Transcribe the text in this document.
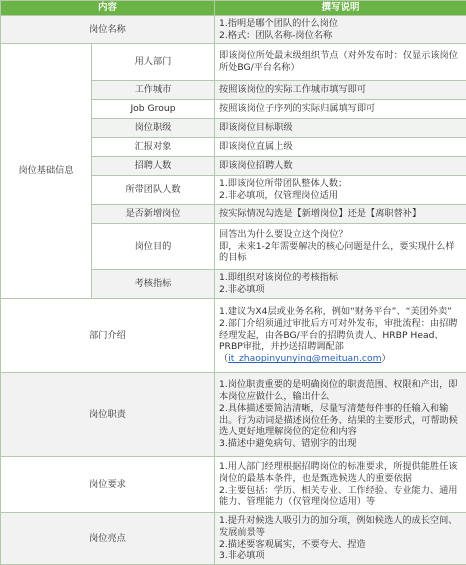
内容		撰写说明
岗位名称		1.指明是哪个团队的什么岗位
2.格式：团队名称-岗位名称

岗位基础信息	用人部门	即该岗位所处最末级组织节点（对外发布时：仅显示该岗位所处BG/平台名称）

	工作城市	按照该岗位的实际工作城市填写即可

	Job Group	按照该岗位子序列的实际归属填写即可

	岗位职级	即该岗位目标职级

	汇报对象	即该岗位直属上级

	招聘人数	即该岗位招聘人数

	所带团队人数	1.即该岗位所带团队整体人数；
2.非必填项，仅管理岗位适用

	是否新增岗位	按实际情况勾选是【新增岗位】还是【离职替补】

	岗位目的	回答出为什么要设立这个岗位？
即，未来1-2年需要解决的核心问题是什么，要实现什么样的目标

	考核指标	1.即组织对该岗位的考核指标
2.非必填项

部门介绍		1.建议为X4层或业务名称，例如“财务平台”、“美团外卖”
2.部门介绍须通过审批后方可对外发布，审批流程：由招聘经理发起，由各BG/平台的招聘负责人、HRBP Head、PRBP审批，并抄送招聘调配部
（it_zhaopinyunying@meituan.com）

岗位职责		1.岗位职责重要的是明确岗位的职责范围、权限和产出，即本岗位应做什么，输出什么
2.具体描述要简洁清晰，尽量写清楚每件事的任输入和输出。行为动词是描述岗位任务、结果的主要形式，可帮助候选人更好地理解岗位的定位和内容
3.描述中避免病句、错别字的出现

岗位要求		1.用人部门经理根据招聘岗位的标准要求，所提供能胜任该岗位的最基本条件，也是甄选候选人的重要依据
2.主要包括：学历、相关专业、工作经验、专业能力、通用能力、管理能力（仅管理岗位适用）等

岗位亮点		1.提升对候选人吸引力的加分项，例如候选人的成长空间、发展前景等
2.描述要客观属实，不要夸大、捏造
3.非必填项
